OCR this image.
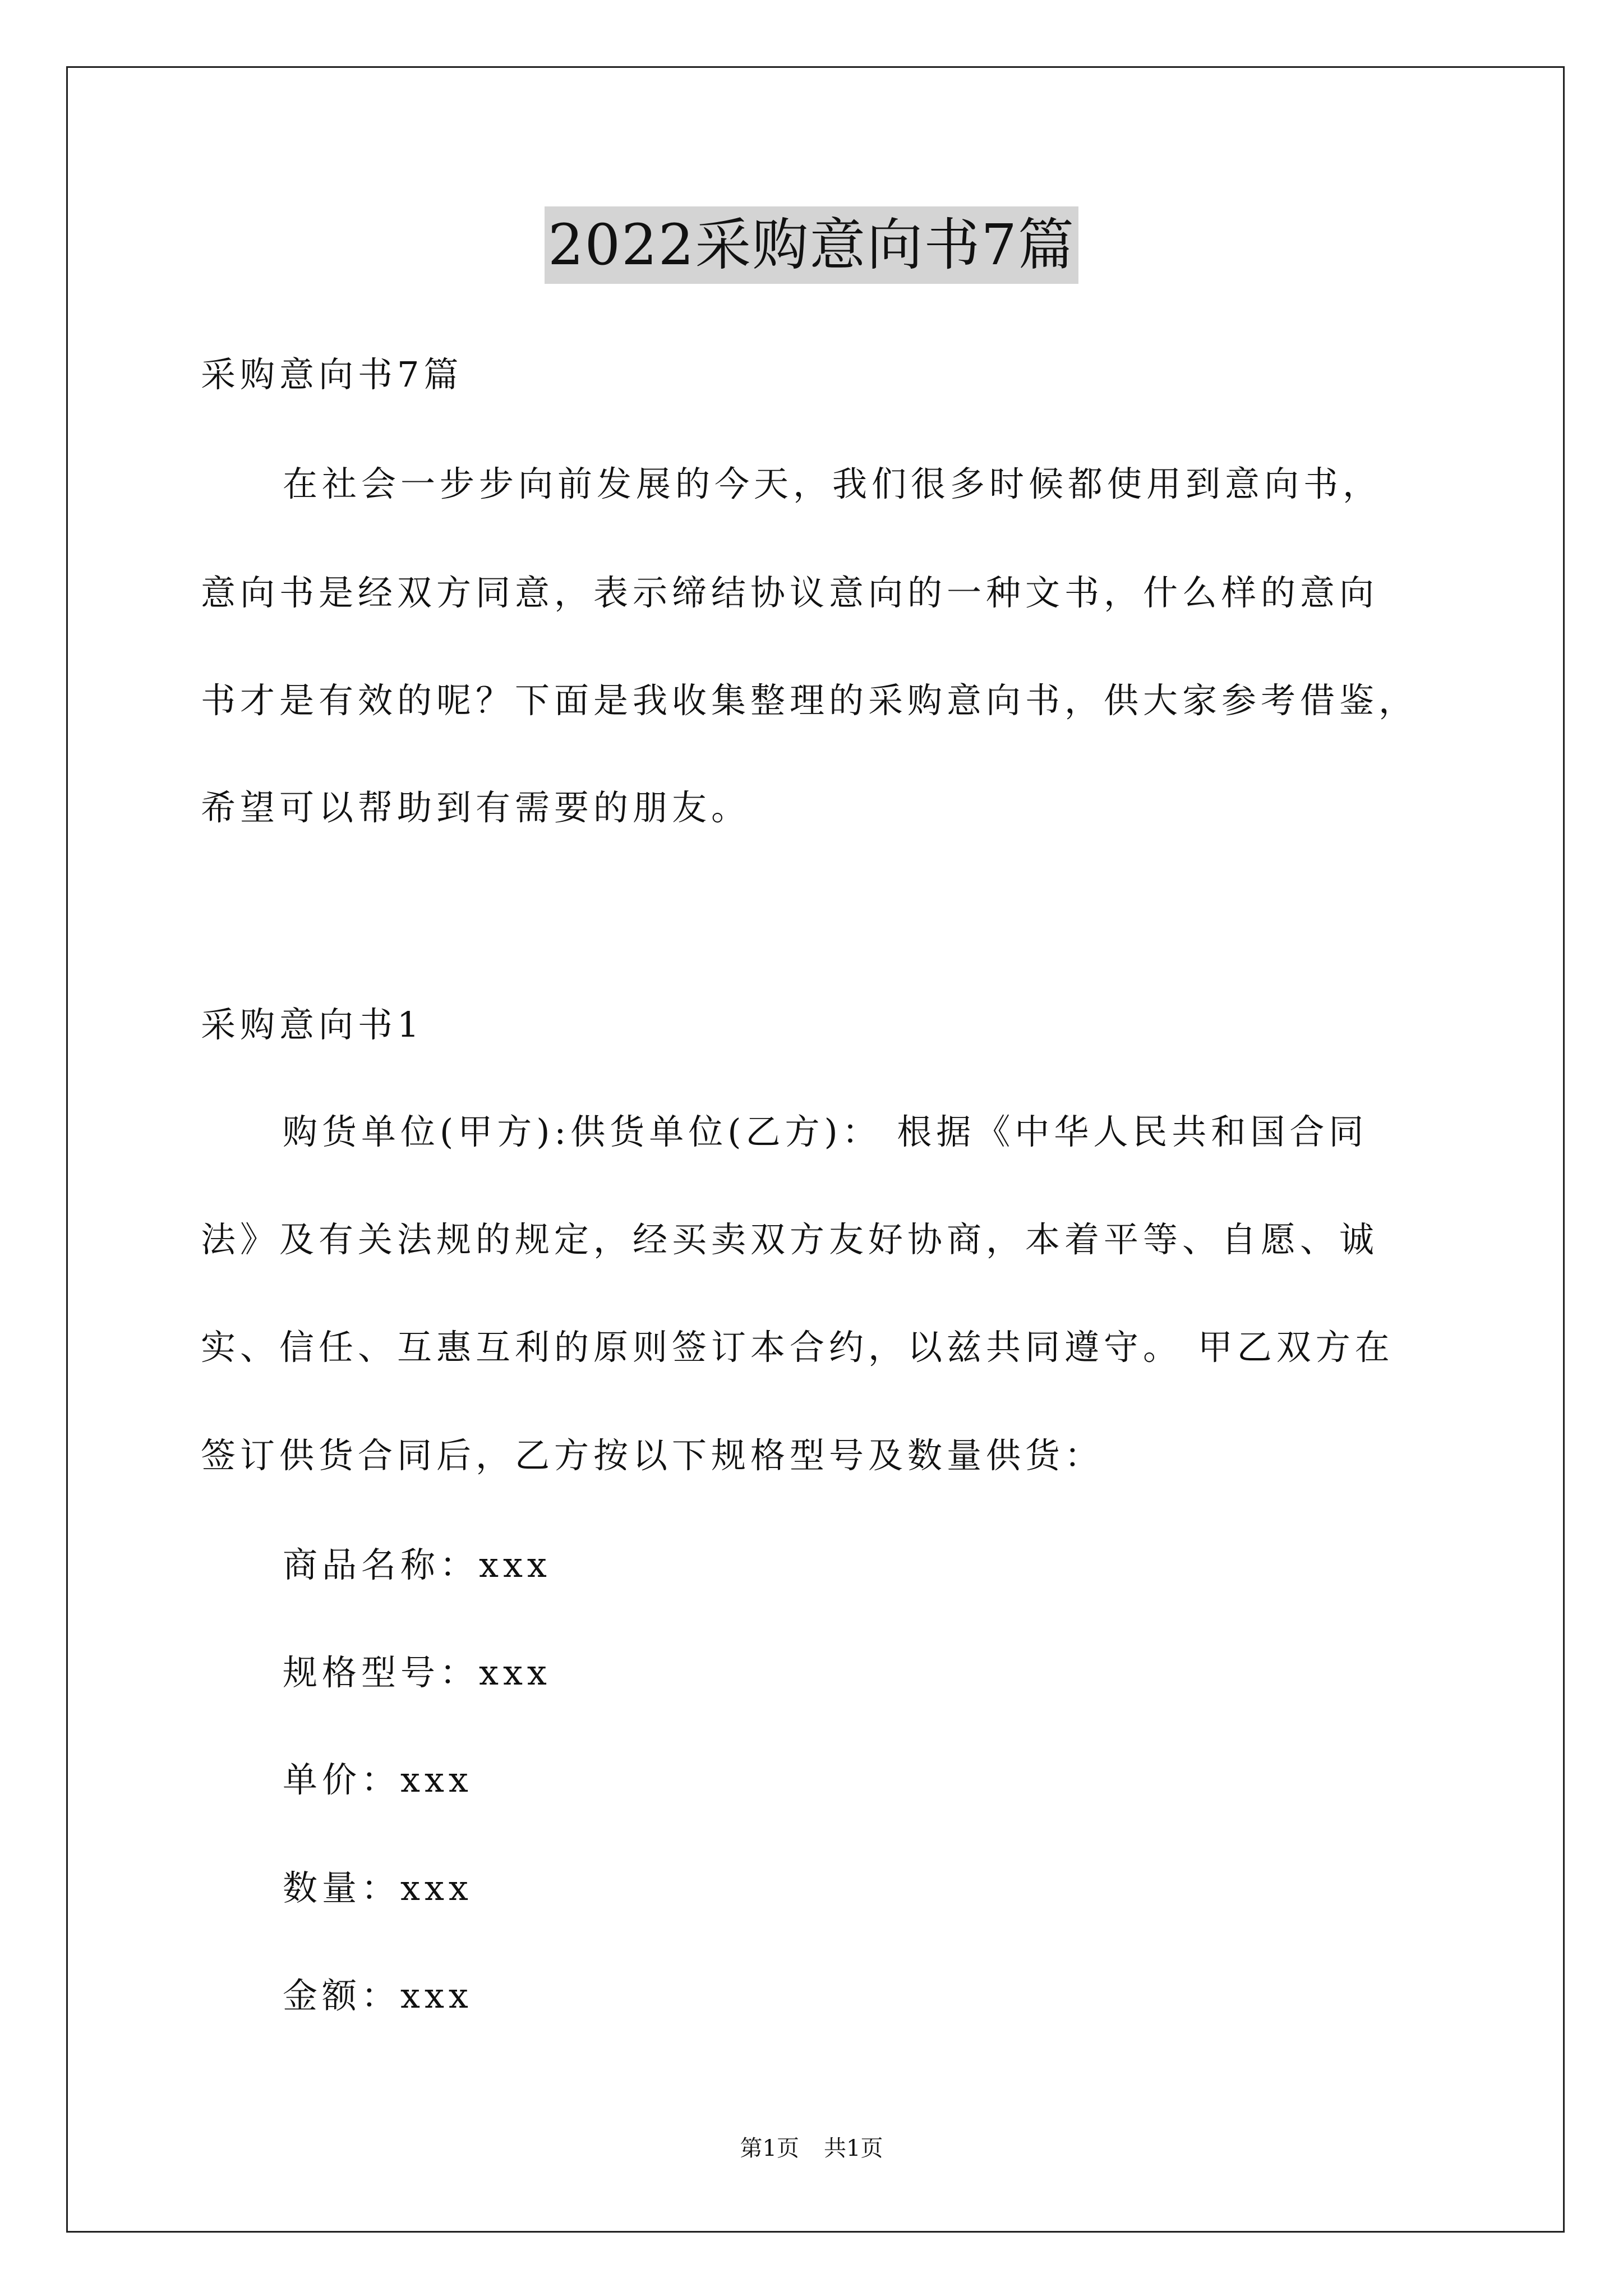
2022采购意向书7篇
采购意向书7篇
在社会一步步向前发展的今天，我们很多时候都使用到意向书，
意向书是经双方同意，表示缔结协议意向的一种文书，什么样的意向
书才是有效的呢？下面是我收集整理的采购意向书，供大家参考借鉴，
希望可以帮助到有需要的朋友。
采购意向书1
购货单位(甲方):供货单位(乙方)： 根据《中华人民共和国合同
法》及有关法规的规定，经买卖双方友好协商，本着平等、自愿、诚
实、信任、互惠互利的原则签订本合约，以兹共同遵守。 甲乙双方在
签订供货合同后，乙方按以下规格型号及数量供货：
商品名称：xxx
规格型号：xxx
单价：xxx
数量：xxx
金额：xxx
第1页 共1页
